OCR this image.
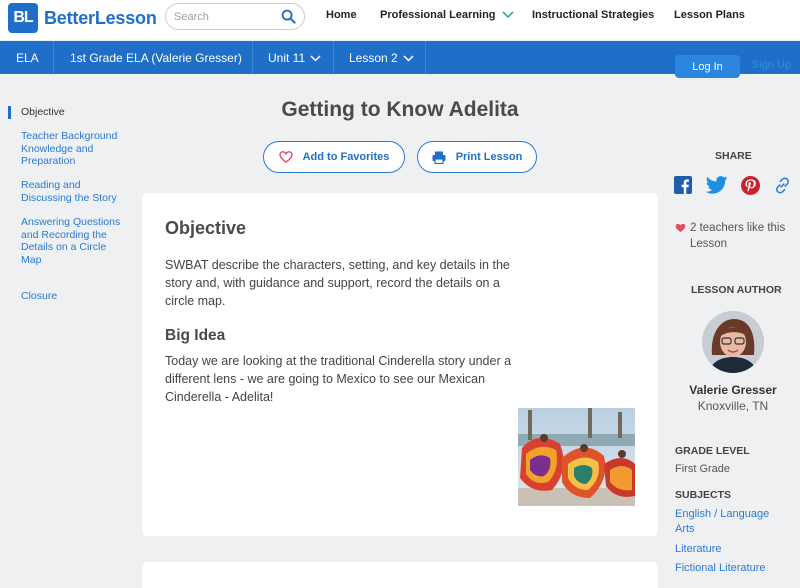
BL BetterLesson Search	Home Professional Learning	Instructional Strategies Lesson Plans
ELA	1st Grade ELA (Valerie Gresser) Unit 11	Lesson 2
Log In	Sign Up
Objective
Teacher Background Knowledge and Preparation
Reading and Discussing the Story
Answering Questions and Recording the Details on a Circle Map
Closure
Getting to Know Adelita
Add to Favorites	Print Lesson
Objective

SWBAT describe the characters, setting, and key details in the story and, with guidance and support, record the details on a circle map.

Big Idea

Today we are looking at the traditional Cinderella story under a different lens - we are going to Mexico to see our Mexican Cinderella - Adelita!

SHARE
2 teachers like this Lesson
LESSON AUTHOR
Valerie Gresser
Knoxville, TN
GRADE LEVEL
First Grade
SUBJECTS
English / Language Arts
Literature
Fictional Literature
